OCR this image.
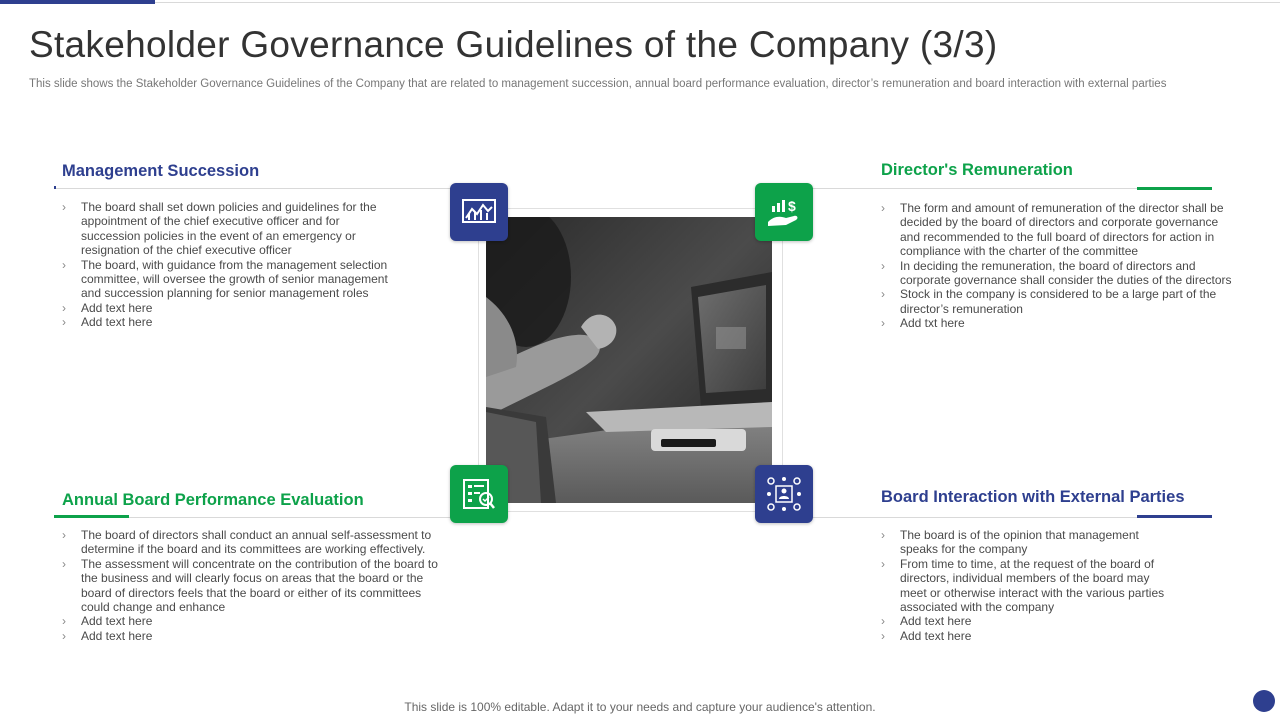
Stakeholder Governance Guidelines of the Company (3/3)
This slide shows the Stakeholder Governance Guidelines of the Company that are related to management succession, annual board performance evaluation, director’s remuneration and board interaction with external parties
Management Succession
› The board shall set down policies and guidelines for the appointment of the chief executive officer and for succession policies in the event of an emergency or resignation of the chief executive officer
› The board, with guidance from the management selection committee, will oversee the growth of senior management and succession planning for senior management roles
› Add text here
› Add text here
Director's Remuneration
› The form and amount of remuneration of the director shall be decided by the board of directors and corporate governance and recommended to the full board of directors for action in compliance with the charter of the committee
› In deciding the remuneration, the board of directors and corporate governance shall consider the duties of the directors
› Stock in the company is considered to be a large part of the director’s remuneration
› Add txt here
Annual Board Performance Evaluation
› The board of directors shall conduct an annual self-assessment to determine if the board and its committees are working effectively.
› The assessment will concentrate on the contribution of the board to the business and will clearly focus on areas that the board or the board of directors feels that the board or either of its committees could change and enhance
› Add text here
› Add text here
Board Interaction with External Parties
› The board is of the opinion that management speaks for the company
› From time to time, at the request of the board of directors, individual members of the board may meet or otherwise interact with the various parties associated with the company
› Add text here
› Add text here
$
This slide is 100% editable. Adapt it to your needs and capture your audience's attention.
